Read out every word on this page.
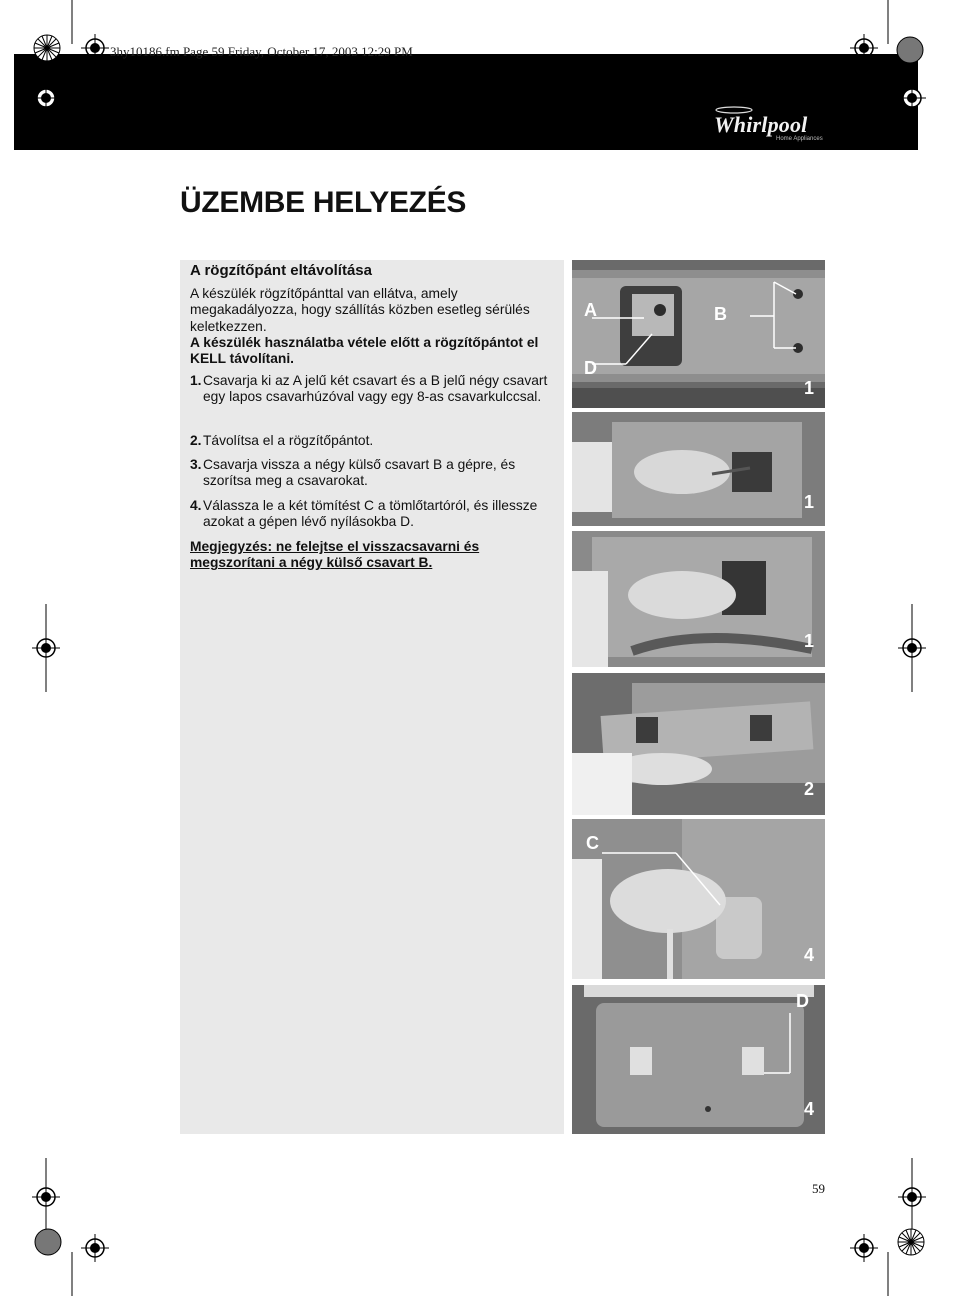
3hy10186.fm Page 59 Friday, October 17, 2003 12:29 PM
Whirlpool
Home Appliances
ÜZEMBE HELYEZÉS
A rögzítőpánt eltávolítása
A készülék rögzítőpánttal van ellátva, amely megakadályozza, hogy szállítás közben esetleg sérülés keletkezzen.
A készülék használatba vétele előtt a rögzítőpántot el KELL távolítani.
1. Csavarja ki az A jelű két csavart és a B jelű négy csavart egy lapos csavarhúzóval vagy egy 8-as csavarkulccsal.
2. Távolítsa el a rögzítőpántot.
3. Csavarja vissza a négy külső csavart B a gépre, és szorítsa meg a csavarokat.
4. Válassza le a két tömítést C a tömlőtartóról, és illessze azokat a gépen lévő nyílásokba D.
Megjegyzés: ne felejtse el visszacsavarni és megszorítani a négy külső csavart B.
A	B
D
1
1
1
2
C
4
D
4
59
